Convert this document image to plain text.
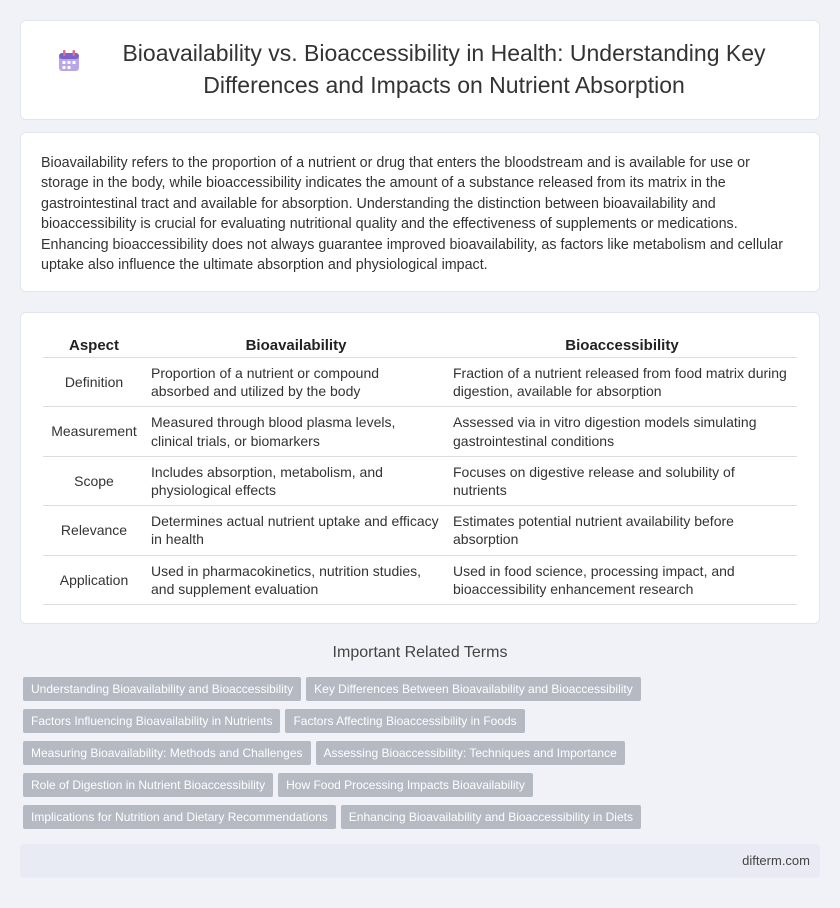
Bioavailability vs. Bioaccessibility in Health: Understanding Key Differences and Impacts on Nutrient Absorption

Bioavailability refers to the proportion of a nutrient or drug that enters the bloodstream and is available for use or storage in the body, while bioaccessibility indicates the amount of a substance released from its matrix in the gastrointestinal tract and available for absorption. Understanding the distinction between bioavailability and bioaccessibility is crucial for evaluating nutritional quality and the effectiveness of supplements or medications. Enhancing bioaccessibility does not always guarantee improved bioavailability, as factors like metabolism and cellular uptake also influence the ultimate absorption and physiological impact.

Aspect	Bioavailability	Bioaccessibility
Definition	Proportion of a nutrient or compound absorbed and utilized by the body	Fraction of a nutrient released from food matrix during digestion, available for absorption
Measurement	Measured through blood plasma levels, clinical trials, or biomarkers	Assessed via in vitro digestion models simulating gastrointestinal conditions
Scope	Includes absorption, metabolism, and physiological effects	Focuses on digestive release and solubility of nutrients
Relevance	Determines actual nutrient uptake and efficacy in health	Estimates potential nutrient availability before absorption
Application	Used in pharmacokinetics, nutrition studies, and supplement evaluation	Used in food science, processing impact, and bioaccessibility enhancement research
Important Related Terms
Understanding Bioavailability and Bioaccessibility Key Differences Between Bioavailability and Bioaccessibility
Factors Influencing Bioavailability in Nutrients Factors Affecting Bioaccessibility in Foods
Measuring Bioavailability: Methods and Challenges Assessing Bioaccessibility: Techniques and Importance
Role of Digestion in Nutrient Bioaccessibility How Food Processing Impacts Bioavailability
Implications for Nutrition and Dietary Recommendations Enhancing Bioavailability and Bioaccessibility in Diets
difterm.com
